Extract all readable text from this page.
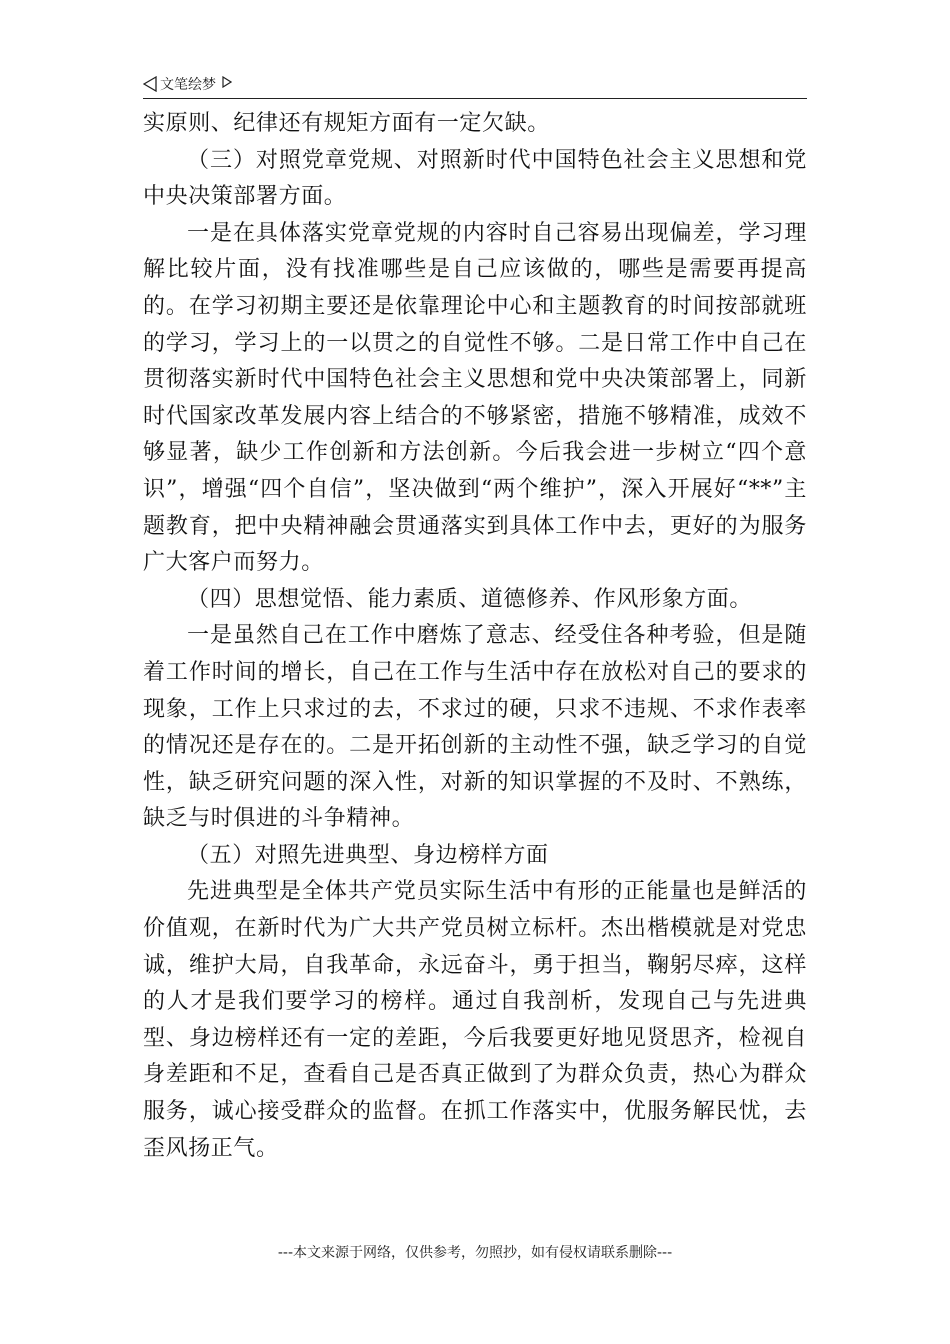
文笔绘梦

实原则、纪律还有规矩方面有一定欠缺。

（三）对照党章党规、对照新时代中国特色社会主义思想和党中央决策部署方面。

一是在具体落实党章党规的内容时自己容易出现偏差，学习理解比较片面，没有找准哪些是自己应该做的，哪些是需要再提高的。在学习初期主要还是依靠理论中心和主题教育的时间按部就班的学习，学习上的一以贯之的自觉性不够。二是日常工作中自己在贯彻落实新时代中国特色社会主义思想和党中央决策部署上，同新时代国家改革发展内容上结合的不够紧密，措施不够精准，成效不够显著，缺少工作创新和方法创新。今后我会进一步树立“四个意识”，增强“四个自信”，坚决做到“两个维护”，深入开展好“**”主题教育，把中央精神融会贯通落实到具体工作中去，更好的为服务广大客户而努力。

（四）思想觉悟、能力素质、道德修养、作风形象方面。

一是虽然自己在工作中磨炼了意志、经受住各种考验，但是随着工作时间的增长，自己在工作与生活中存在放松对自己的要求的现象，工作上只求过的去，不求过的硬，只求不违规、不求作表率的情况还是存在的。二是开拓创新的主动性不强，缺乏学习的自觉性，缺乏研究问题的深入性，对新的知识掌握的不及时、不熟练，缺乏与时俱进的斗争精神。

（五）对照先进典型、身边榜样方面

先进典型是全体共产党员实际生活中有形的正能量也是鲜活的价值观，在新时代为广大共产党员树立标杆。杰出楷模就是对党忠诚，维护大局，自我革命，永远奋斗，勇于担当，鞠躬尽瘁，这样的人才是我们要学习的榜样。通过自我剖析，发现自己与先进典型、身边榜样还有一定的差距，今后我要更好地见贤思齐，检视自身差距和不足，查看自己是否真正做到了为群众负责，热心为群众服务，诚心接受群众的监督。在抓工作落实中，优服务解民忧，去歪风扬正气。

---本文来源于网络，仅供参考，勿照抄，如有侵权请联系删除---
